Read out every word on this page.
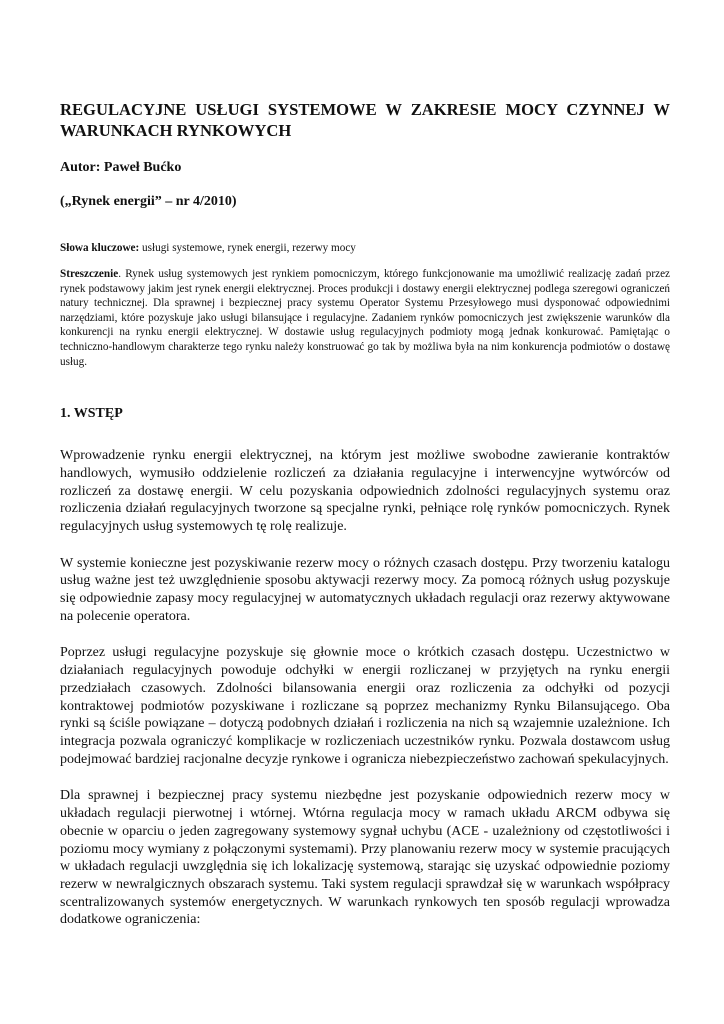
REGULACYJNE USŁUGI SYSTEMOWE W ZAKRESIE MOCY CZYNNEJ W WARUNKACH RYNKOWYCH

Autor: Paweł Bućko

(„Rynek energii” – nr 4/2010)

Słowa kluczowe: usługi systemowe, rynek energii, rezerwy mocy

Streszczenie. Rynek usług systemowych jest rynkiem pomocniczym, którego funkcjonowanie ma umożliwić realizację zadań przez rynek podstawowy jakim jest rynek energii elektrycznej. Proces produkcji i dostawy energii elektrycznej podlega szeregowi ograniczeń natury technicznej. Dla sprawnej i bezpiecznej pracy systemu Operator Systemu Przesyłowego musi dysponować odpowiednimi narzędziami, które pozyskuje jako usługi bilansujące i regulacyjne. Zadaniem rynków pomocniczych jest zwiększenie warunków dla konkurencji na rynku energii elektrycznej. W dostawie usług regulacyjnych podmioty mogą jednak konkurować. Pamiętając o techniczno-handlowym charakterze tego rynku należy konstruować go tak by możliwa była na nim konkurencja podmiotów o dostawę usług.

1. WSTĘP

Wprowadzenie rynku energii elektrycznej, na którym jest możliwe swobodne zawieranie kontraktów handlowych, wymusiło oddzielenie rozliczeń za działania regulacyjne i interwencyjne wytwórców od rozliczeń za dostawę energii. W celu pozyskania odpowiednich zdolności regulacyjnych systemu oraz rozliczenia działań regulacyjnych tworzone są specjalne rynki, pełniące rolę rynków pomocniczych. Rynek regulacyjnych usług systemowych tę rolę realizuje.

W systemie konieczne jest pozyskiwanie rezerw mocy o różnych czasach dostępu. Przy tworzeniu katalogu usług ważne jest też uwzględnienie sposobu aktywacji rezerwy mocy. Za pomocą różnych usług pozyskuje się odpowiednie zapasy mocy regulacyjnej w automatycznych układach regulacji oraz rezerwy aktywowane na polecenie operatora.

Poprzez usługi regulacyjne pozyskuje się głownie moce o krótkich czasach dostępu. Uczestnictwo w działaniach regulacyjnych powoduje odchyłki w energii rozliczanej w przyjętych na rynku energii przedziałach czasowych. Zdolności bilansowania energii oraz rozliczenia za odchyłki od pozycji kontraktowej podmiotów pozyskiwane i rozliczane są poprzez mechanizmy Rynku Bilansującego. Oba rynki są ściśle powiązane – dotyczą podobnych działań i rozliczenia na nich są wzajemnie uzależnione. Ich integracja pozwala ograniczyć komplikacje w rozliczeniach uczestników rynku. Pozwala dostawcom usług podejmować bardziej racjonalne decyzje rynkowe i ogranicza niebezpieczeństwo zachowań spekulacyjnych.

Dla sprawnej i bezpiecznej pracy systemu niezbędne jest pozyskanie odpowiednich rezerw mocy w układach regulacji pierwotnej i wtórnej. Wtórna regulacja mocy w ramach układu ARCM odbywa się obecnie w oparciu o jeden zagregowany systemowy sygnał uchybu (ACE - uzależniony od częstotliwości i poziomu mocy wymiany z połączonymi systemami). Przy planowaniu rezerw mocy w systemie pracujących w układach regulacji uwzględnia się ich lokalizację systemową, starając się uzyskać odpowiednie poziomy rezerw w newralgicznych obszarach systemu. Taki system regulacji sprawdzał się w warunkach współpracy scentralizowanych systemów energetycznych. W warunkach rynkowych ten sposób regulacji wprowadza dodatkowe ograniczenia:
